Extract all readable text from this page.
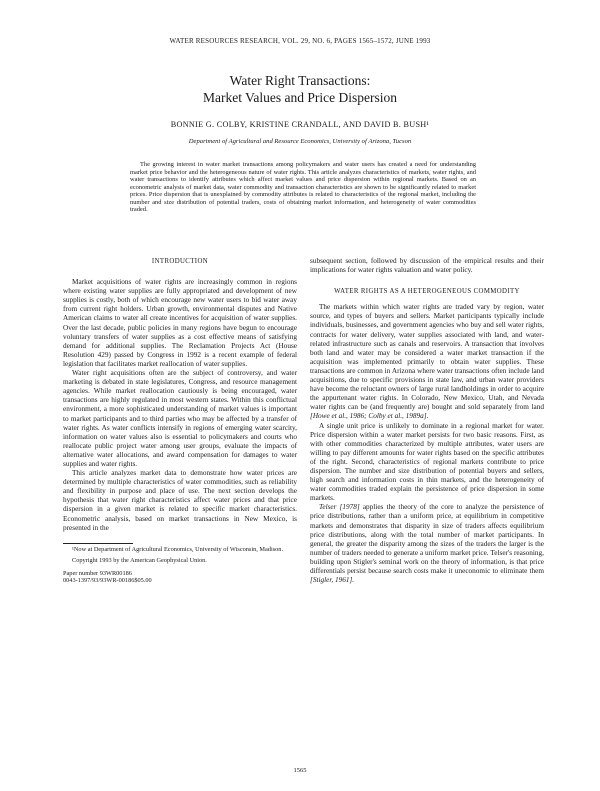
WATER RESOURCES RESEARCH, VOL. 29, NO. 6, PAGES 1565–1572, JUNE 1993
Water Right Transactions:
Market Values and Price Dispersion
BONNIE G. COLBY, KRISTINE CRANDALL, AND DAVID B. BUSH¹
Department of Agricultural and Resource Economics, University of Arizona, Tucson

The growing interest in water market transactions among policymakers and water users has created a need for understanding market price behavior and the heterogeneous nature of water rights. This article analyzes characteristics of markets, water rights, and water transactions to identify attributes which affect market values and price dispersion within regional markets. Based on an econometric analysis of market data, water commodity and transaction characteristics are shown to be significantly related to market prices. Price dispersion that is unexplained by commodity attributes is related to characteristics of the regional market, including the number and size distribution of potential traders, costs of obtaining market information, and heterogeneity of water commodities traded.

INTRODUCTION

Market acquisitions of water rights are increasingly common in regions where existing water supplies are fully appropriated and development of new supplies is costly, both of which encourage new water users to bid water away from current right holders. Urban growth, environmental disputes and Native American claims to water all create incentives for acquisition of water supplies. Over the last decade, public policies in many regions have begun to encourage voluntary transfers of water supplies as a cost effective means of satisfying demand for additional supplies. The Reclamation Projects Act (House Resolution 429) passed by Congress in 1992 is a recent example of federal legislation that facilitates market reallocation of water supplies.

Water right acquisitions often are the subject of controversy, and water marketing is debated in state legislatures, Congress, and resource management agencies. While market reallocation cautiously is being encouraged, water transactions are highly regulated in most western states. Within this conflictual environment, a more sophisticated understanding of market values is important to market participants and to third parties who may be affected by a transfer of water rights. As water conflicts intensify in regions of emerging water scarcity, information on water values also is essential to policymakers and courts who reallocate public project water among user groups, evaluate the impacts of alternative water allocations, and award compensation for damages to water supplies and water rights.

This article analyzes market data to demonstrate how water prices are determined by multiple characteristics of water commodities, such as reliability and flexibility in purpose and place of use. The next section develops the hypothesis that water right characteristics affect water prices and that price dispersion in a given market is related to specific market characteristics. Econometric analysis, based on market transactions in New Mexico, is presented in the

¹Now at Department of Agricultural Economics, University of Wisconsin, Madison.
Copyright 1993 by the American Geophysical Union.
Paper number 93WR00186
0043-1397/93/93WR-00186$05.00

subsequent section, followed by discussion of the empirical results and their implications for water rights valuation and water policy.

WATER RIGHTS AS A HETEROGENEOUS COMMODITY

The markets within which water rights are traded vary by region, water source, and types of buyers and sellers. Market participants typically include individuals, businesses, and government agencies who buy and sell water rights, contracts for water delivery, water supplies associated with land, and water-related infrastructure such as canals and reservoirs. A transaction that involves both land and water may be considered a water market transaction if the acquisition was implemented primarily to obtain water supplies. These transactions are common in Arizona where water transactions often include land acquisitions, due to specific provisions in state law, and urban water providers have become the reluctant owners of large rural landholdings in order to acquire the appurtenant water rights. In Colorado, New Mexico, Utah, and Nevada water rights can be (and frequently are) bought and sold separately from land [Howe et al., 1986; Colby et al., 1989a].

A single unit price is unlikely to dominate in a regional market for water. Price dispersion within a water market persists for two basic reasons. First, as with other commodities characterized by multiple attributes, water users are willing to pay different amounts for water rights based on the specific attributes of the right. Second, characteristics of regional markets contribute to price dispersion. The number and size distribution of potential buyers and sellers, high search and information costs in thin markets, and the heterogeneity of water commodities traded explain the persistence of price dispersion in some markets.

Telser [1978] applies the theory of the core to analyze the persistence of price distributions, rather than a uniform price, at equilibrium in competitive markets and demonstrates that disparity in size of traders affects equilibrium price distributions, along with the total number of market participants. In general, the greater the disparity among the sizes of the traders the larger is the number of traders needed to generate a uniform market price. Telser's reasoning, building upon Stigler's seminal work on the theory of information, is that price differentials persist because search costs make it uneconomic to eliminate them [Stigler, 1961].

1565
